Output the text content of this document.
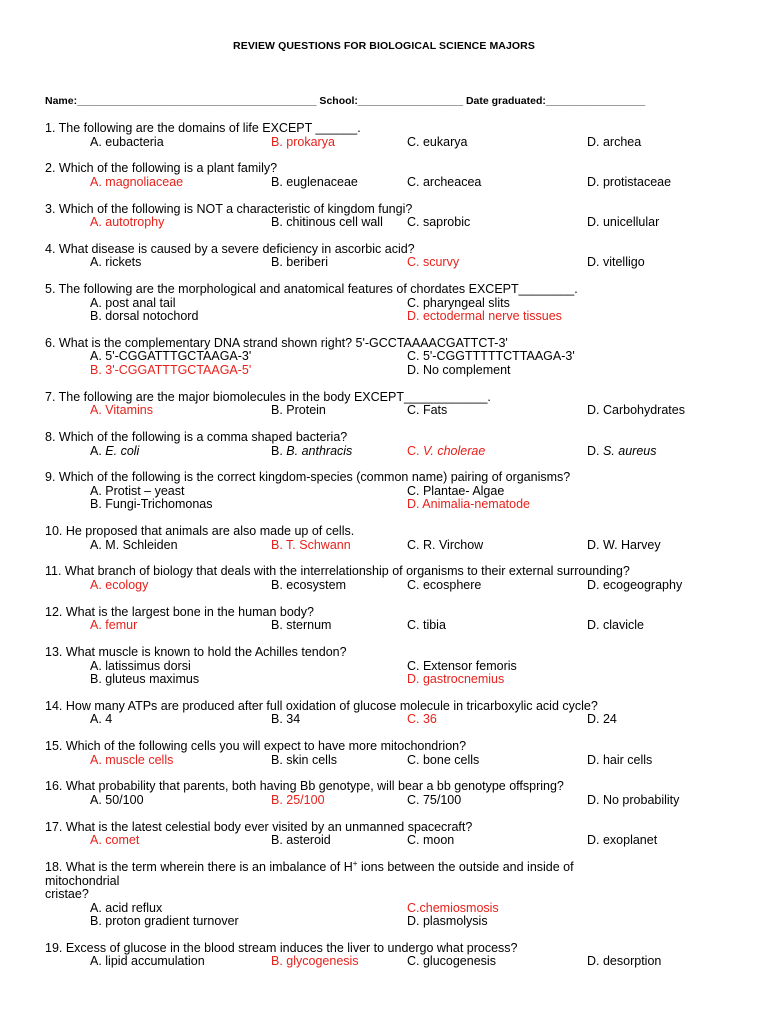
REVIEW QUESTIONS FOR BIOLOGICAL SCIENCE MAJORS
Name:_________________________________________ School:__________________ Date graduated:_________________
1. The following are the domains of life EXCEPT ______.
A. eubacteria	B. prokarya	C. eukarya	D. archea
2. Which of the following is a plant family?
A. magnoliaceae	B. euglenaceae	C. archeacea	D. protistaceae
3. Which of the following is NOT a characteristic of kingdom fungi?
A. autotrophy	B. chitinous cell wall	C. saprobic	D. unicellular
4. What disease is caused by a severe deficiency in ascorbic acid?
A. rickets	B. beriberi	C. scurvy	D. vitelligo
5. The following are the morphological and anatomical features of chordates EXCEPT________.
A. post anal tail	C. pharyngeal slits
B. dorsal notochord	D. ectodermal nerve tissues
6. What is the complementary DNA strand shown right? 5'-GCCTAAAACGATTCT-3'
A. 5'-CGGATTTGCTAAGA-3'	C. 5'-CGGTTTTTCTTAAGA-3'
B. 3'-CGGATTTGCTAAGA-5'	D. No complement
7. The following are the major biomolecules in the body EXCEPT____________.
A. Vitamins	B. Protein	C. Fats	D. Carbohydrates
8. Which of the following is a comma shaped bacteria?
A. E. coli	B. B. anthracis	C. V. cholerae	D. S. aureus
9. Which of the following is the correct kingdom-species (common name) pairing of organisms?
A. Protist – yeast	C. Plantae- Algae
B. Fungi-Trichomonas	D. Animalia-nematode
10. He proposed that animals are also made up of cells.
A. M. Schleiden	B. T. Schwann	C. R. Virchow	D. W. Harvey
11. What branch of biology that deals with the interrelationship of organisms to their external surrounding?
A. ecology	B. ecosystem	C. ecosphere	D. ecogeography
12. What is the largest bone in the human body?
A. femur	B. sternum	C. tibia	D. clavicle
13. What muscle is known to hold the Achilles tendon?
A. latissimus dorsi	C. Extensor femoris
B. gluteus maximus	D. gastrocnemius
14. How many ATPs are produced after full oxidation of glucose molecule in tricarboxylic acid cycle?
A. 4	B. 34	C. 36	D. 24
15. Which of the following cells you will expect to have more mitochondrion?
A. muscle cells	B. skin cells	C. bone cells	D. hair cells
16. What probability that parents, both having Bb genotype, will bear a bb genotype offspring?
A. 50/100	B. 25/100	C. 75/100	D. No probability
17. What is the latest celestial body ever visited by an unmanned spacecraft?
A. comet	B. asteroid	C. moon	D. exoplanet
18. What is the term wherein there is an imbalance of H+ ions between the outside and inside of
mitochondrial
cristae?
A. acid reflux	C.chemiosmosis
B. proton gradient turnover	D. plasmolysis
19. Excess of glucose in the blood stream induces the liver to undergo what process?
A. lipid accumulation	B. glycogenesis	C. glucogenesis	D. desorption
